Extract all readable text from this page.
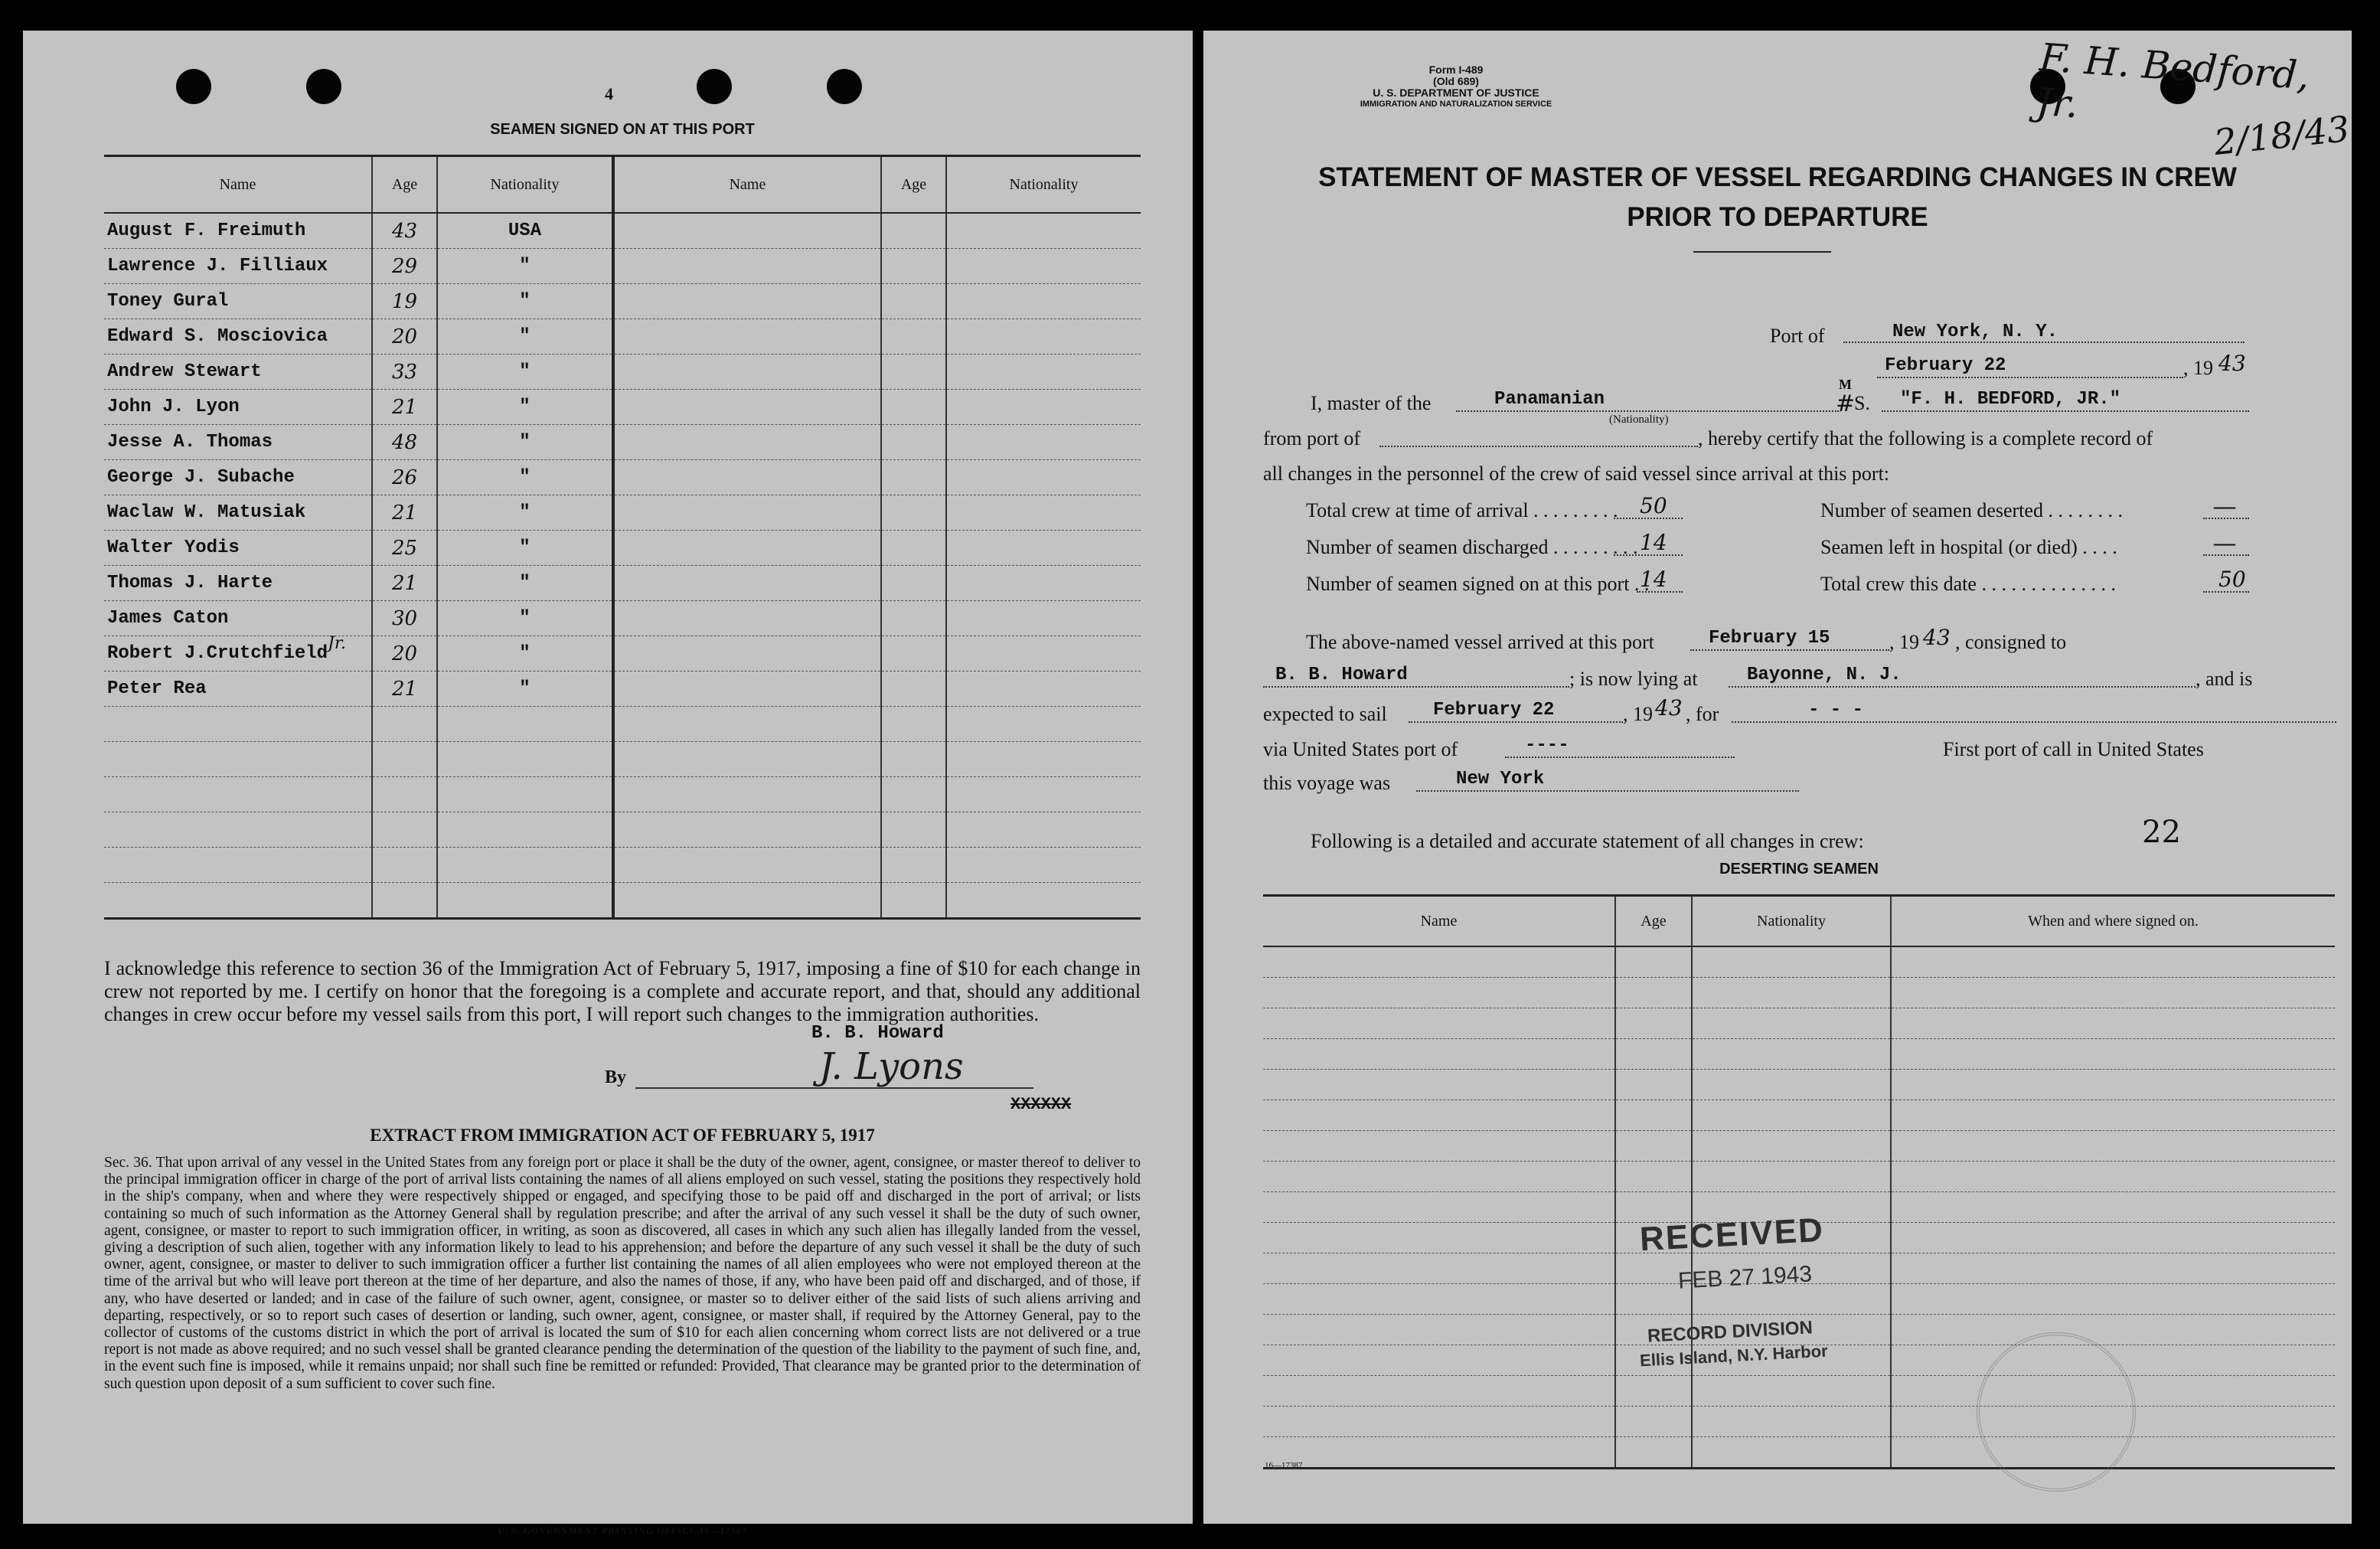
4
SEAMEN SIGNED ON AT THIS PORT
Name	Age	Nationality	Name	Age	Nationality
August F. Freimuth	43	USA			
Lawrence J. Filliaux	29	"			
Toney Gural	19	"			
Edward S. Mosciovica	20	"			
Andrew Stewart	33	"			
John J. Lyon	21	"			
Jesse A. Thomas	48	"			
George J. Subache	26	"			
Waclaw W. Matusiak	21	"			
Walter Yodis	25	"			
Thomas J. Harte	21	"			
James Caton	30	"			
Robert J.CrutchfieldJr.	20	"			
Peter Rea	21	"			

I acknowledge this reference to section 36 of the Immigration Act of February 5, 1917, imposing a fine of $10 for each change in crew not reported by me. I certify on honor that the foregoing is a complete and accurate report, and that, should any additional changes in crew occur before my vessel sails from this port, I will report such changes to the immigration authorities.
B. B. Howard
By	J. Lyons
XXXXXX
EXTRACT FROM IMMIGRATION ACT OF FEBRUARY 5, 1917
Sec. 36. That upon arrival of any vessel in the United States from any foreign port or place it shall be the duty of the owner, agent, consignee, or master thereof to deliver to the principal immigration officer in charge of the port of arrival lists containing the names of all aliens employed on such vessel, stating the positions they respectively hold in the ship's company, when and where they were respectively shipped or engaged, and specifying those to be paid off and discharged in the port of arrival; or lists containing so much of such information as the Attorney General shall by regulation prescribe; and after the arrival of any such vessel it shall be the duty of such owner, agent, consignee, or master to report to such immigration officer, in writing, as soon as discovered, all cases in which any such alien has illegally landed from the vessel, giving a description of such alien, together with any information likely to lead to his apprehension; and before the departure of any such vessel it shall be the duty of such owner, agent, consignee, or master to deliver to such immigration officer a further list containing the names of all alien employees who were not employed thereon at the time of the arrival but who will leave port thereon at the time of her departure, and also the names of those, if any, who have been paid off and discharged, and of those, if any, who have deserted or landed; and in case of the failure of such owner, agent, consignee, or master so to deliver either of the said lists of such aliens arriving and departing, respectively, or so to report such cases of desertion or landing, such owner, agent, consignee, or master shall, if required by the Attorney General, pay to the collector of customs of the customs district in which the port of arrival is located the sum of $10 for each alien concerning whom correct lists are not delivered or a true report is not made as above required; and no such vessel shall be granted clearance pending the determination of the question of the liability to the payment of such fine, and, in the event such fine is imposed, while it remains unpaid; nor shall such fine be remitted or refunded: Provided, That clearance may be granted prior to the determination of such question upon deposit of a sum sufficient to cover such fine.
U. S. GOVERNMENT PRINTING OFFICE 16—17387
Form I-489
(Old 689)
U. S. DEPARTMENT OF JUSTICE
IMMIGRATION AND NATURALIZATION SERVICE
F. H. Bedford, Jr.
2/18/43
STATEMENT OF MASTER OF VESSEL REGARDING CHANGES IN CREW
PRIOR TO DEPARTURE
Port of	New York, N. Y.
February 22	, 19 43
I, master of the	Panamanian
(Nationality)
M
#
S. "F. H. BEDFORD, JR."
from port of	, hereby certify that the following is a complete record of
all changes in the personnel of the crew of said vessel since arrival at this port:
Total crew at time of arrival . . . . . . . . . 50
Number of seamen discharged . . . . . . . . . 14
Number of seamen signed on at this port . .
14
Number of seamen deserted . . . . . . . .	—
Seamen left in hospital (or died) . . . .	—
Total crew this date . . . . . . . . . . . . . .	50
The above-named vessel arrived at this port	February 15	, 19 43 , consigned to
B. B. Howard	; is now lying at	Bayonne, N. J.	, and is
expected to sail	February 22	, 19 43 , for	- - -
via United States port of	----	First port of call in United States
this voyage was	New York
Following is a detailed and accurate statement of all changes in crew:	22
DESERTING SEAMEN
Name	Age	Nationality	When and where signed on.

RECEIVED
FEB 27 1943
RECORD DIVISION
Ellis Island, N.Y. Harbor
16—17387
